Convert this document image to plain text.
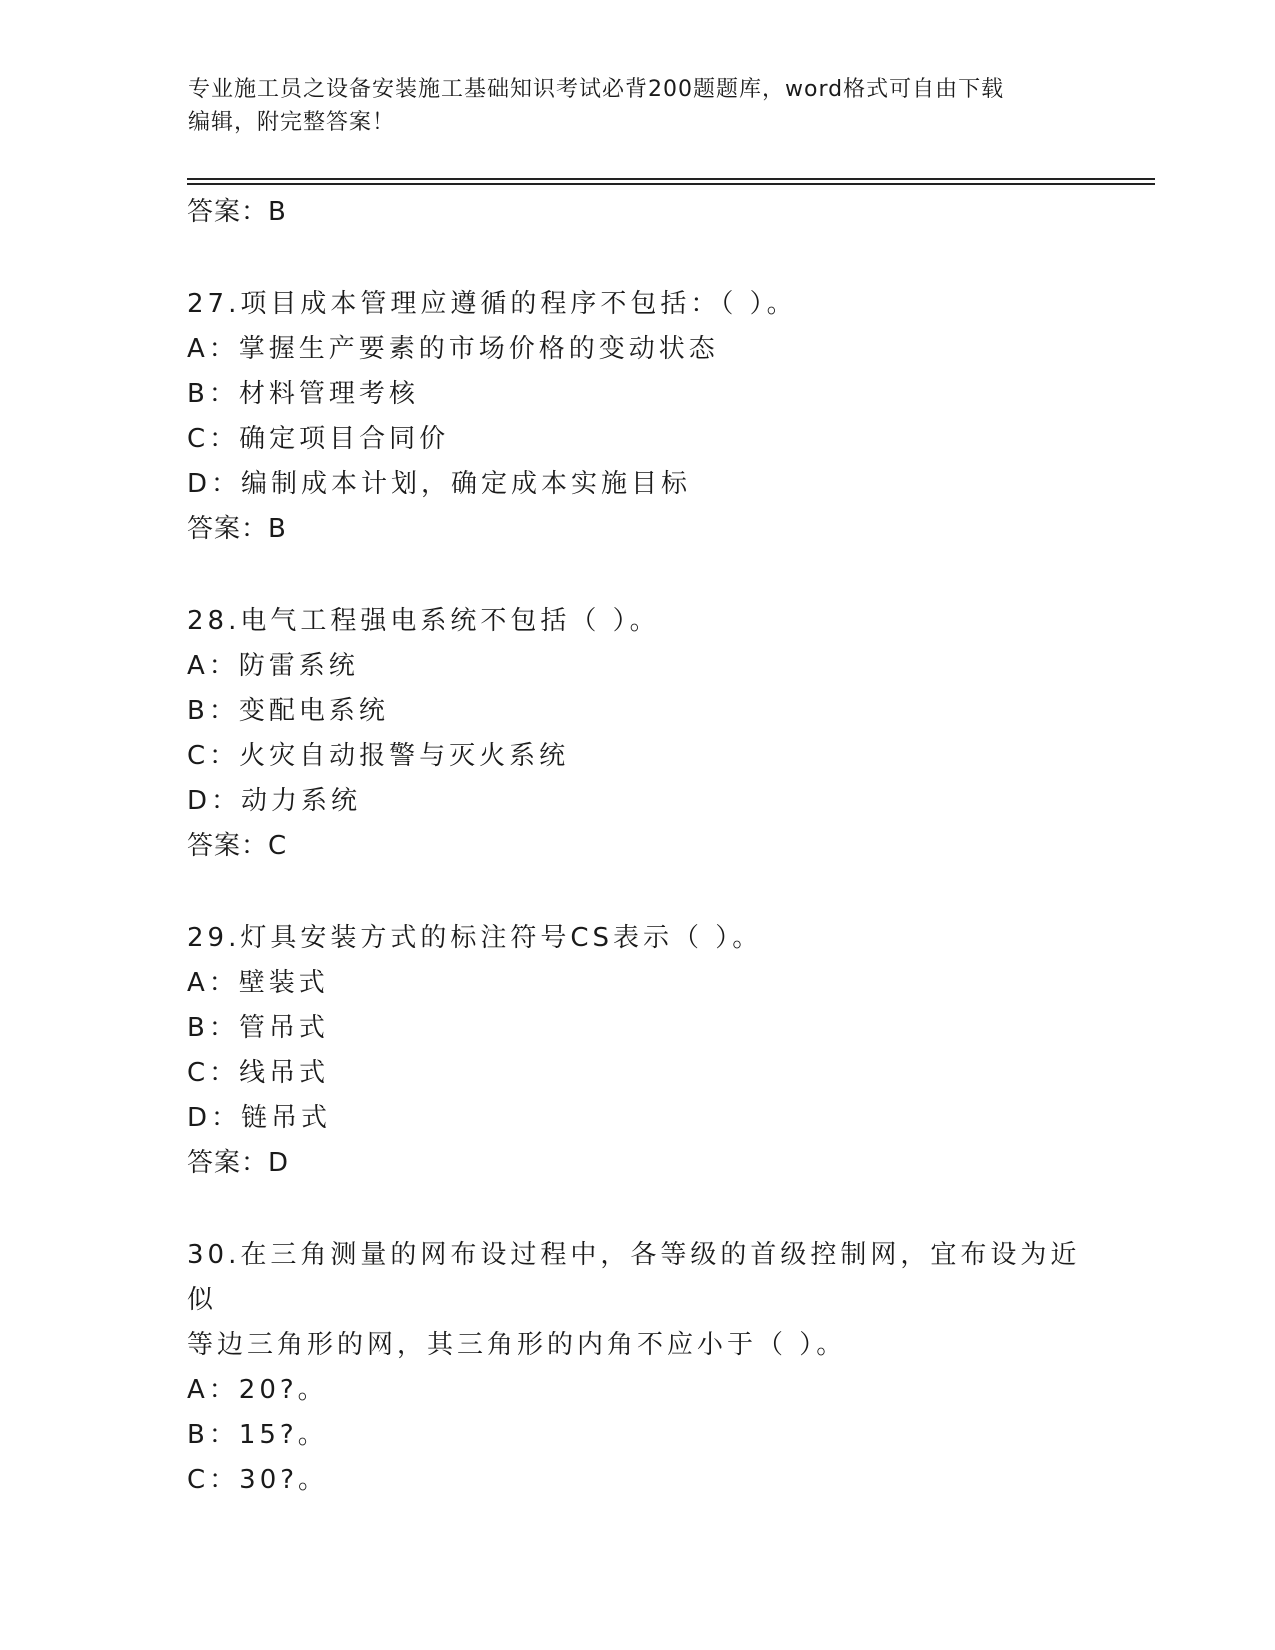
专业施工员之设备安装施工基础知识考试必背200题题库，word格式可自由下载
编辑，附完整答案！
答案：B
27.项目成本管理应遵循的程序不包括：（ ）。
A：掌握生产要素的市场价格的变动状态
B：材料管理考核
C：确定项目合同价
D：编制成本计划，确定成本实施目标
答案：B
28.电气工程强电系统不包括（ ）。
A：防雷系统
B：变配电系统
C：火灾自动报警与灭火系统
D：动力系统
答案：C
29.灯具安装方式的标注符号CS表示（ ）。
A：壁装式
B：管吊式
C：线吊式
D：链吊式
答案：D
30.在三角测量的网布设过程中，各等级的首级控制网，宜布设为近似
等边三角形的网，其三角形的内角不应小于（ ）。
A：20?。
B：15?。
C：30?。
